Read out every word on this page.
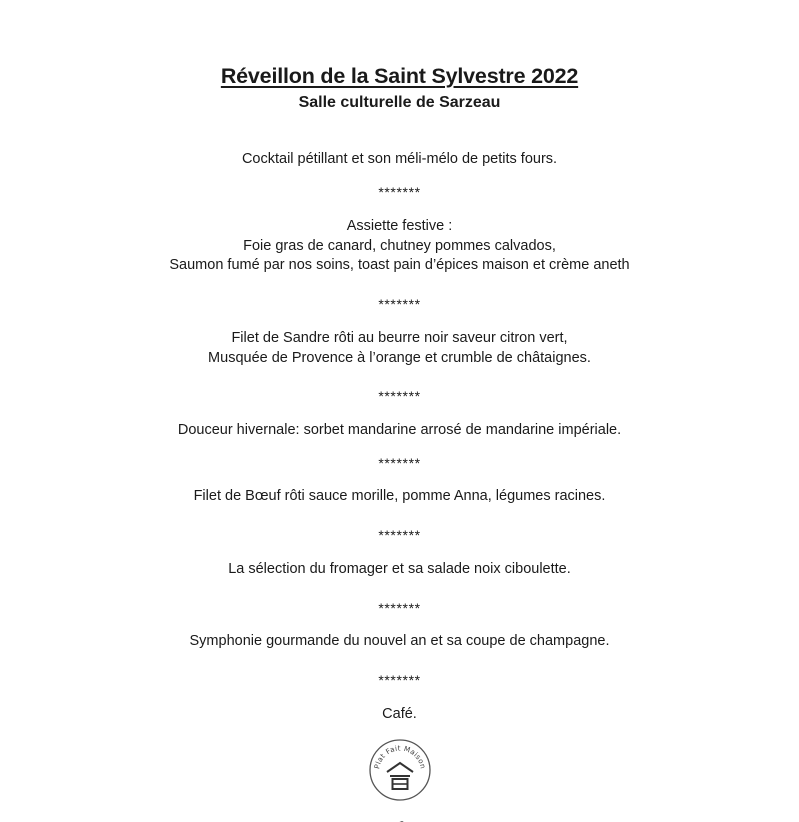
Réveillon de la Saint Sylvestre 2022
Salle culturelle de Sarzeau
Cocktail pétillant et son méli-mélo de petits fours.
*******
Assiette festive :
Foie gras de canard, chutney pommes calvados,
Saumon fumé par nos soins, toast pain d’épices maison et crème aneth
*******
Filet de Sandre rôti au beurre noir saveur citron vert,
Musquée de Provence à l’orange et crumble de châtaignes.
*******
Douceur hivernale: sorbet mandarine arrosé de mandarine impériale.
*******
Filet de Bœuf rôti sauce morille, pomme Anna, légumes racines.
*******
La sélection du fromager et sa salade noix ciboulette.
*******
Symphonie gourmande du nouvel an et sa coupe de champagne.
*******
Café.
Plat Fait Maison
